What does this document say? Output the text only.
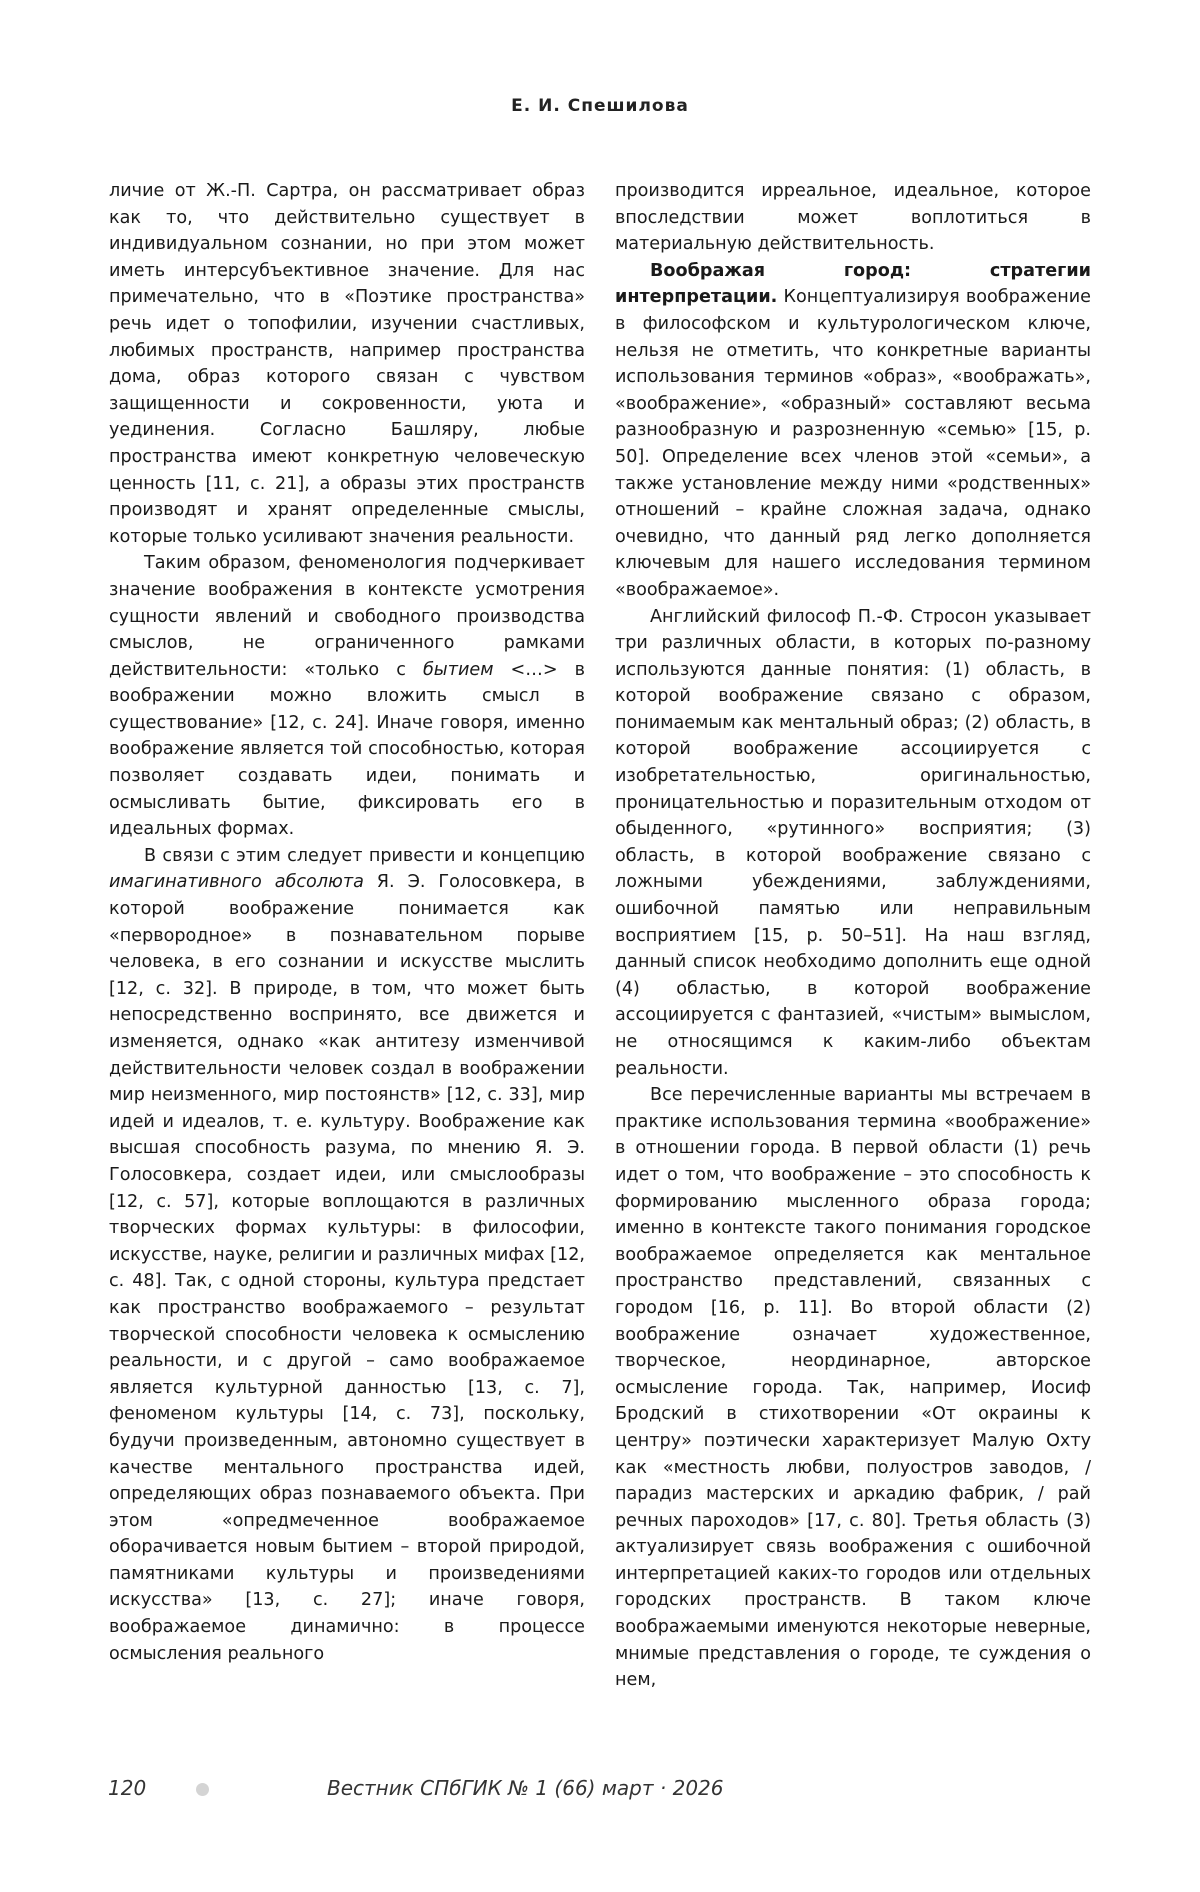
Е. И. Спешилова

личие от Ж.-П. Сартра, он рассматривает образ как то, что действительно существует в индивидуальном сознании, но при этом может иметь интерсубъективное значение. Для нас примечательно, что в «Поэтике пространства» речь идет о топофилии, изучении счастливых, любимых пространств, например пространства дома, образ которого связан с чувством защищенности и сокровенности, уюта и уединения. Согласно Башляру, любые пространства имеют конкретную человеческую ценность [11, с. 21], а образы этих пространств производят и хранят определенные смыслы, которые только усиливают значения реальности.

Таким образом, феноменология подчеркивает значение воображения в контексте усмотрения сущности явлений и свободного производства смыслов, не ограниченного рамками действительности: «только с бытием <…> в воображении можно вложить смысл в существование» [12, с. 24]. Иначе говоря, именно воображение является той способностью, которая позволяет создавать идеи, понимать и осмысливать бытие, фиксировать его в идеальных формах.

В связи с этим следует привести и концепцию имагинативного абсолюта Я. Э. Голосовкера, в которой воображение понимается как «первородное» в познавательном порыве человека, в его сознании и искусстве мыслить [12, с. 32]. В природе, в том, что может быть непосредственно воспринято, все движется и изменяется, однако «как антитезу изменчивой действительности человек создал в воображении мир неизменного, мир постоянств» [12, с. 33], мир идей и идеалов, т. е. культуру. Воображение как высшая способность разума, по мнению Я. Э. Голосовкера, создает идеи, или смыслообразы [12, с. 57], которые воплощаются в различных творческих формах культуры: в философии, искусстве, науке, религии и различных мифах [12, с. 48]. Так, с одной стороны, культура предстает как пространство воображаемого – результат творческой способности человека к осмыслению реальности, и с другой – само воображаемое является культурной данностью [13, с. 7], феноменом культуры [14, с. 73], поскольку, будучи произведенным, автономно существует в качестве ментального пространства идей, определяющих образ познаваемого объекта. При этом «опредмеченное воображаемое оборачивается новым бытием – второй природой, памятниками культуры и произведениями искусства» [13, с. 27]; иначе говоря, воображаемое динамично: в процессе осмысления реального

производится ирреальное, идеальное, которое впоследствии может воплотиться в материальную действительность.

Воображая город: стратегии интерпретации. Концептуализируя воображение в философском и культурологическом ключе, нельзя не отметить, что конкретные варианты использования терминов «образ», «воображать», «воображение», «образный» составляют весьма разнообразную и разрозненную «семью» [15, p. 50]. Определение всех членов этой «семьи», а также установление между ними «родственных» отношений – крайне сложная задача, однако очевидно, что данный ряд легко дополняется ключевым для нашего исследования термином «воображаемое».

Английский философ П.-Ф. Стросон указывает три различных области, в которых по-разному используются данные понятия: (1) область, в которой воображение связано с образом, понимаемым как ментальный образ; (2) область, в которой воображение ассоциируется с изобретательностью, оригинальностью, проницательностью и поразительным отходом от обыденного, «рутинного» восприятия; (3) область, в которой воображение связано с ложными убеждениями, заблуждениями, ошибочной памятью или неправильным восприятием [15, p. 50–51]. На наш взгляд, данный список необходимо дополнить еще одной (4) областью, в которой воображение ассоциируется с фантазией, «чистым» вымыслом, не относящимся к каким-либо объектам реальности.

Все перечисленные варианты мы встречаем в практике использования термина «воображение» в отношении города. В первой области (1) речь идет о том, что воображение – это способность к формированию мысленного образа города; именно в контексте такого понимания городское воображаемое определяется как ментальное пространство представлений, связанных с городом [16, p. 11]. Во второй области (2) воображение означает художественное, творческое, неординарное, авторское осмысление города. Так, например, Иосиф Бродский в стихотворении «От окраины к центру» поэтически характеризует Малую Охту как «местность любви, полуостров заводов, / парадиз мастерских и аркадию фабрик, / рай речных пароходов» [17, с. 80]. Третья область (3) актуализирует связь воображения с ошибочной интерпретацией каких-то городов или отдельных городских пространств. В таком ключе воображаемыми именуются некоторые неверные, мнимые представления о городе, те суждения о нем,

120	Вестник СПбГИК № 1 (66) март · 2026
